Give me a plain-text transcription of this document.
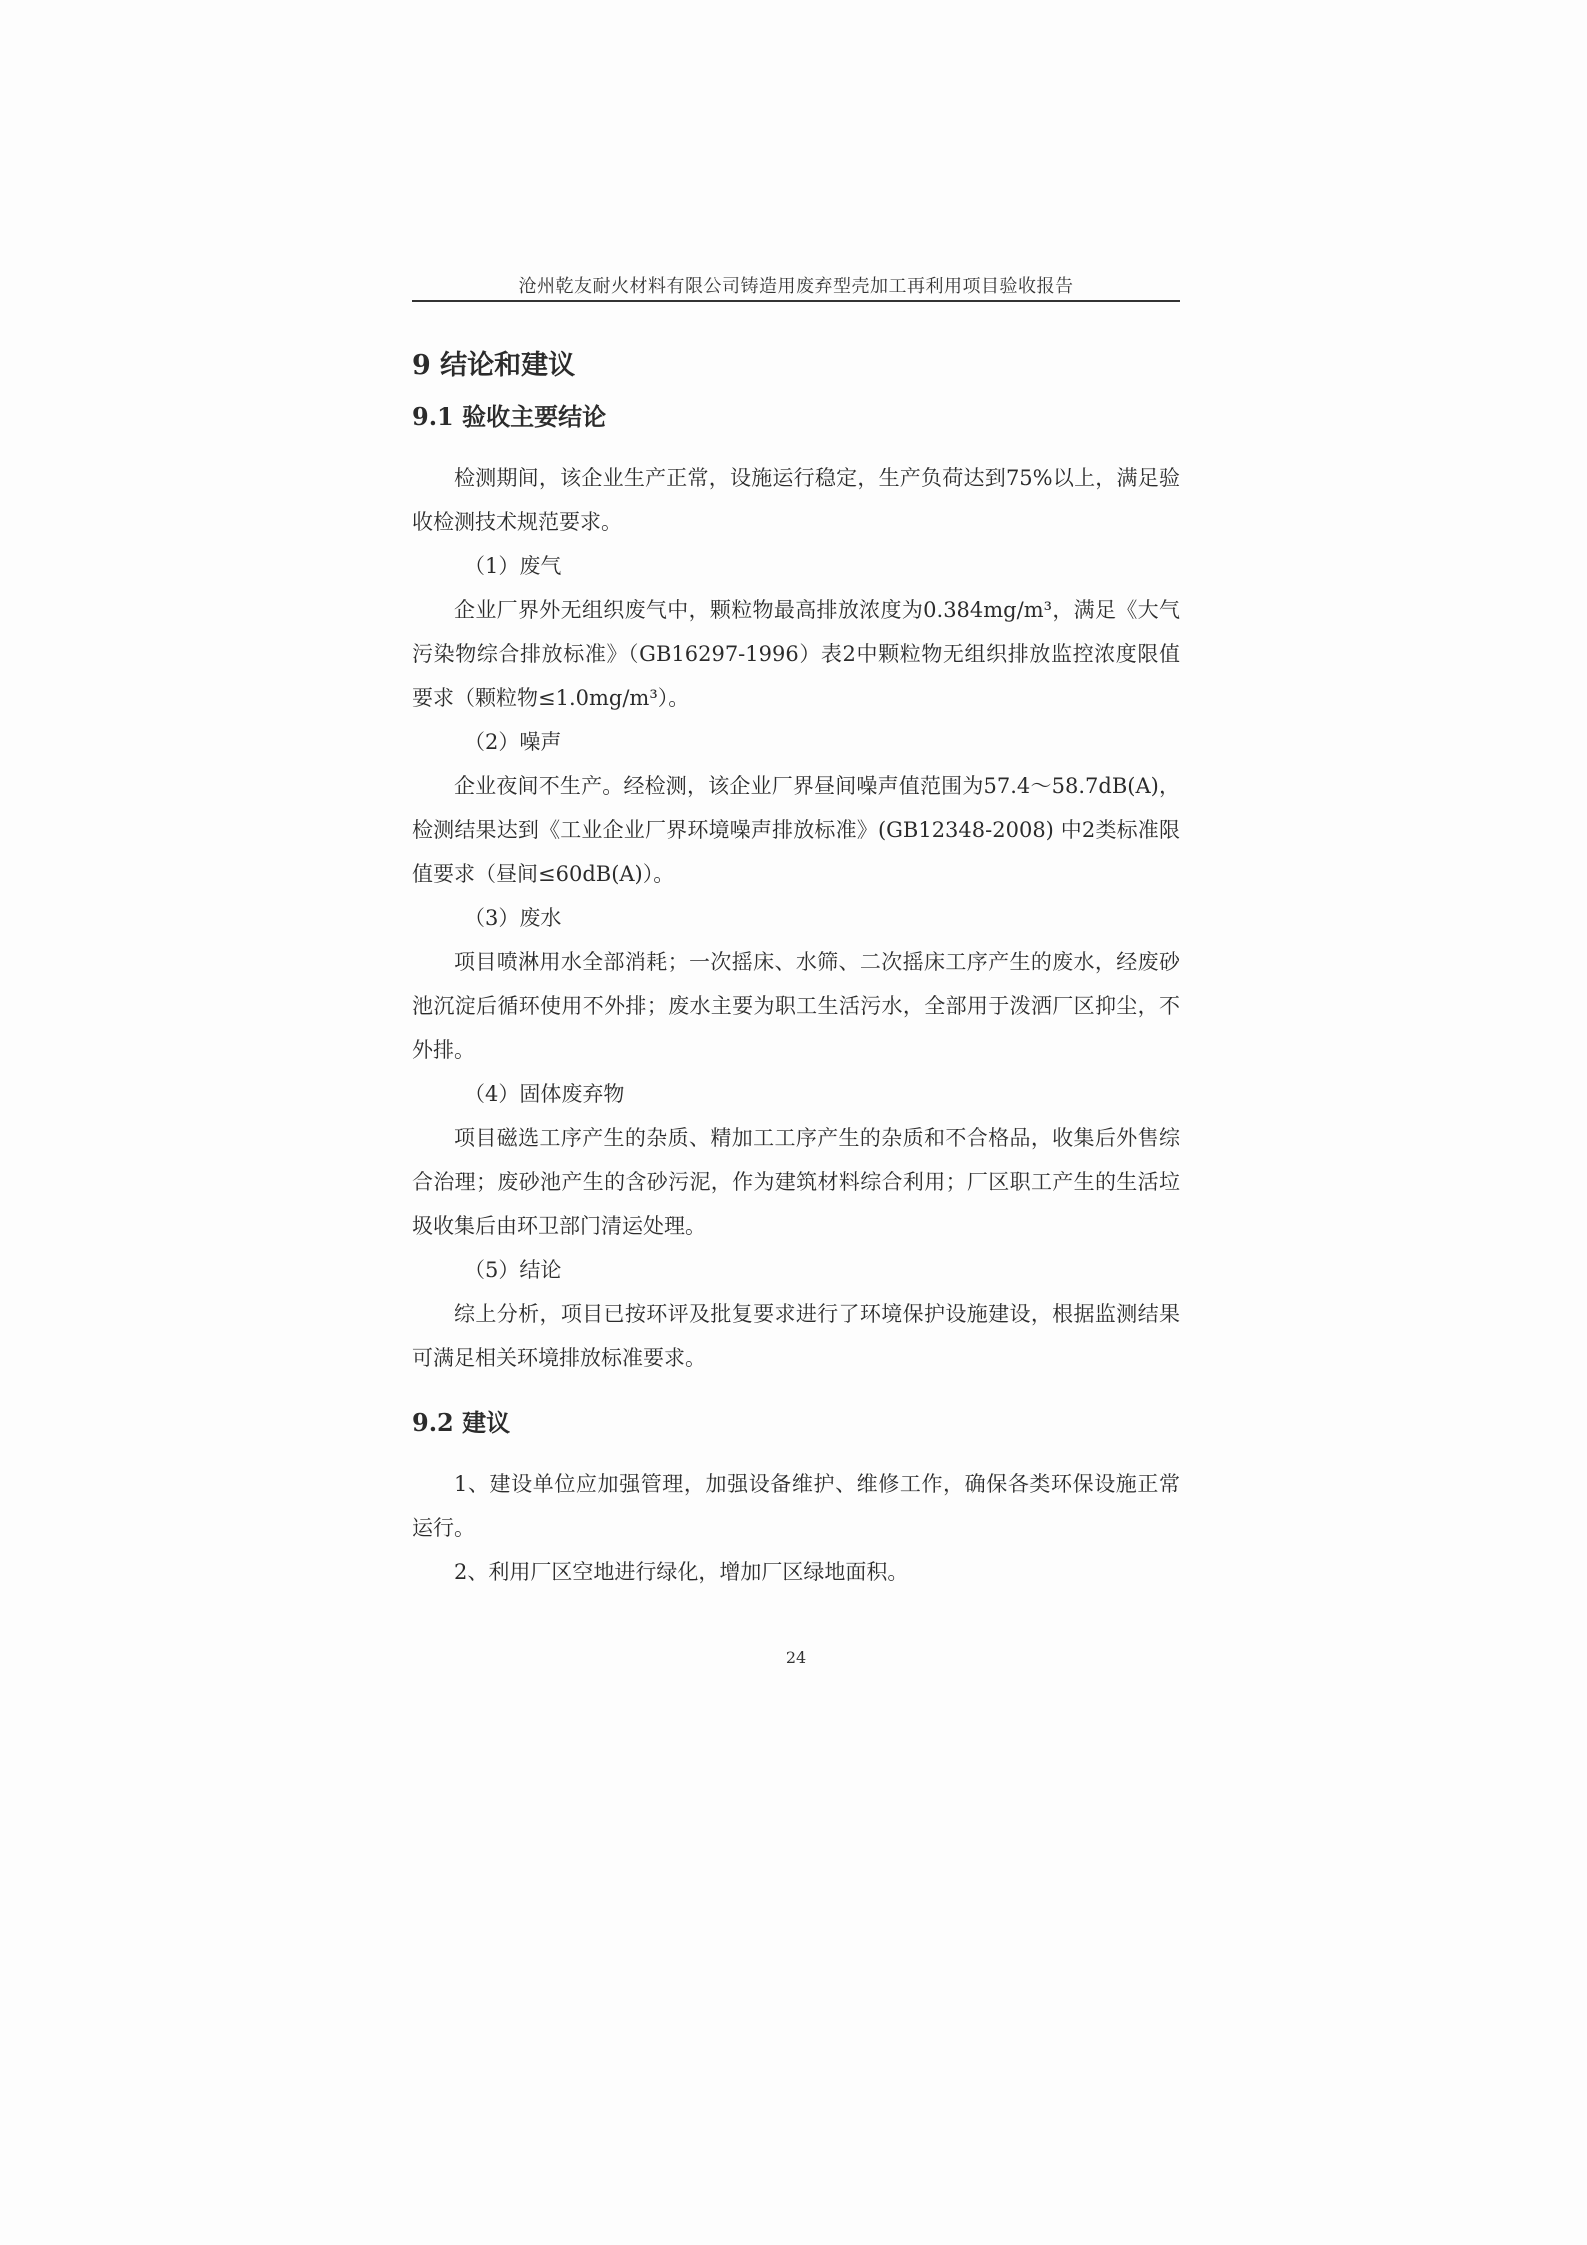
沧州乾友耐火材料有限公司铸造用废弃型壳加工再利用项目验收报告
9 结论和建议
9.1 验收主要结论

检测期间，该企业生产正常，设施运行稳定，生产负荷达到75%以上，满足验收检测技术规范要求。

（1）废气

企业厂界外无组织废气中，颗粒物最高排放浓度为0.384mg/m³，满足《大气污染物综合排放标准》（GB16297-1996）表2中颗粒物无组织排放监控浓度限值要求（颗粒物≤1.0mg/m³）。

（2）噪声

企业夜间不生产。经检测，该企业厂界昼间噪声值范围为57.4～58.7dB(A)，检测结果达到《工业企业厂界环境噪声排放标准》(GB12348-2008) 中2类标准限值要求（昼间≤60dB(A)）。

（3）废水

项目喷淋用水全部消耗；一次摇床、水筛、二次摇床工序产生的废水，经废砂池沉淀后循环使用不外排；废水主要为职工生活污水，全部用于泼洒厂区抑尘，不外排。

（4）固体废弃物

项目磁选工序产生的杂质、精加工工序产生的杂质和不合格品，收集后外售综合治理；废砂池产生的含砂污泥，作为建筑材料综合利用；厂区职工产生的生活垃圾收集后由环卫部门清运处理。

（5）结论

综上分析，项目已按环评及批复要求进行了环境保护设施建设，根据监测结果可满足相关环境排放标准要求。

9.2 建议

1、建设单位应加强管理，加强设备维护、维修工作，确保各类环保设施正常运行。

2、利用厂区空地进行绿化，增加厂区绿地面积。

24
